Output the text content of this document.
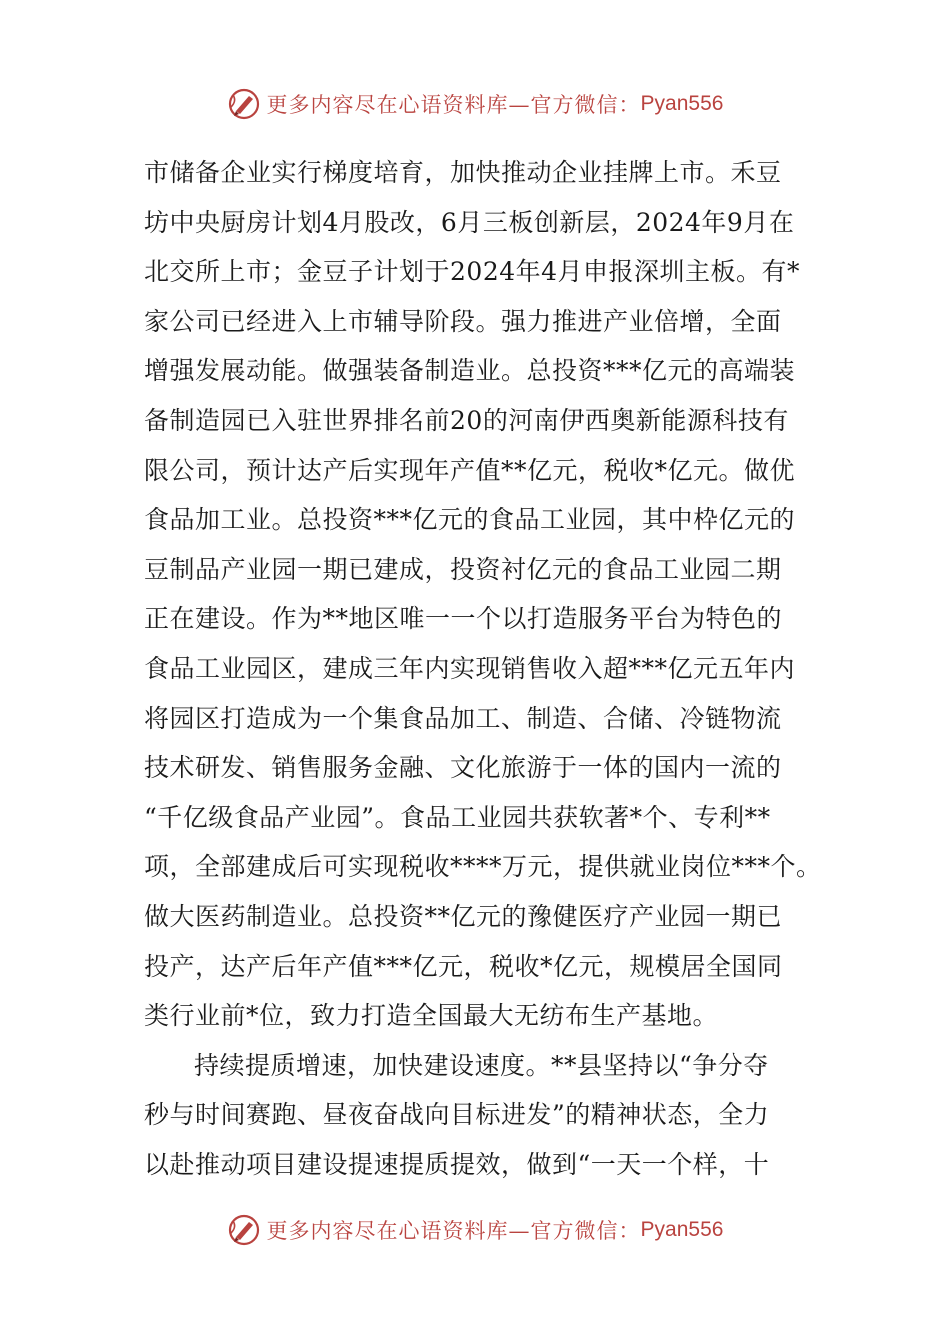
更多内容尽在心语资料库—官方微信： Pyan556
市储备企业实行梯度培育，加快推动企业挂牌上市。禾豆
坊中央厨房计划4月股改，6月三板创新层，2024年9月在
北交所上市；金豆子计划于2024年4月申报深圳主板。有*
家公司已经进入上市辅导阶段。强力推进产业倍增，全面
增强发展动能。做强装备制造业。总投资***亿元的高端装
备制造园已入驻世界排名前20的河南伊西奥新能源科技有
限公司，预计达产后实现年产值**亿元，税收*亿元。做优
食品加工业。总投资***亿元的食品工业园，其中枠亿元的
豆制品产业园一期已建成，投资衬亿元的食品工业园二期
正在建设。作为**地区唯一一个以打造服务平台为特色的
食品工业园区，建成三年内实现销售收入超***亿元五年内
将园区打造成为一个集食品加工、制造、合储、冷链物流
技术研发、销售服务金融、文化旅游于一体的国内一流的
“千亿级食品产业园”。食品工业园共获软著*个、专利**
项，全部建成后可实现税收****万元，提供就业岗位***个。
做大医药制造业。总投资**亿元的豫健医疗产业园一期已
投产，达产后年产值***亿元，税收*亿元，规模居全国同
类行业前*位，致力打造全国最大无纺布生产基地。
持续提质增速，加快建设速度。**县坚持以“争分夺
秒与时间赛跑、昼夜奋战向目标进发”的精神状态，全力
以赴推动项目建设提速提质提效，做到“一天一个样，十
更多内容尽在心语资料库—官方微信： Pyan556
